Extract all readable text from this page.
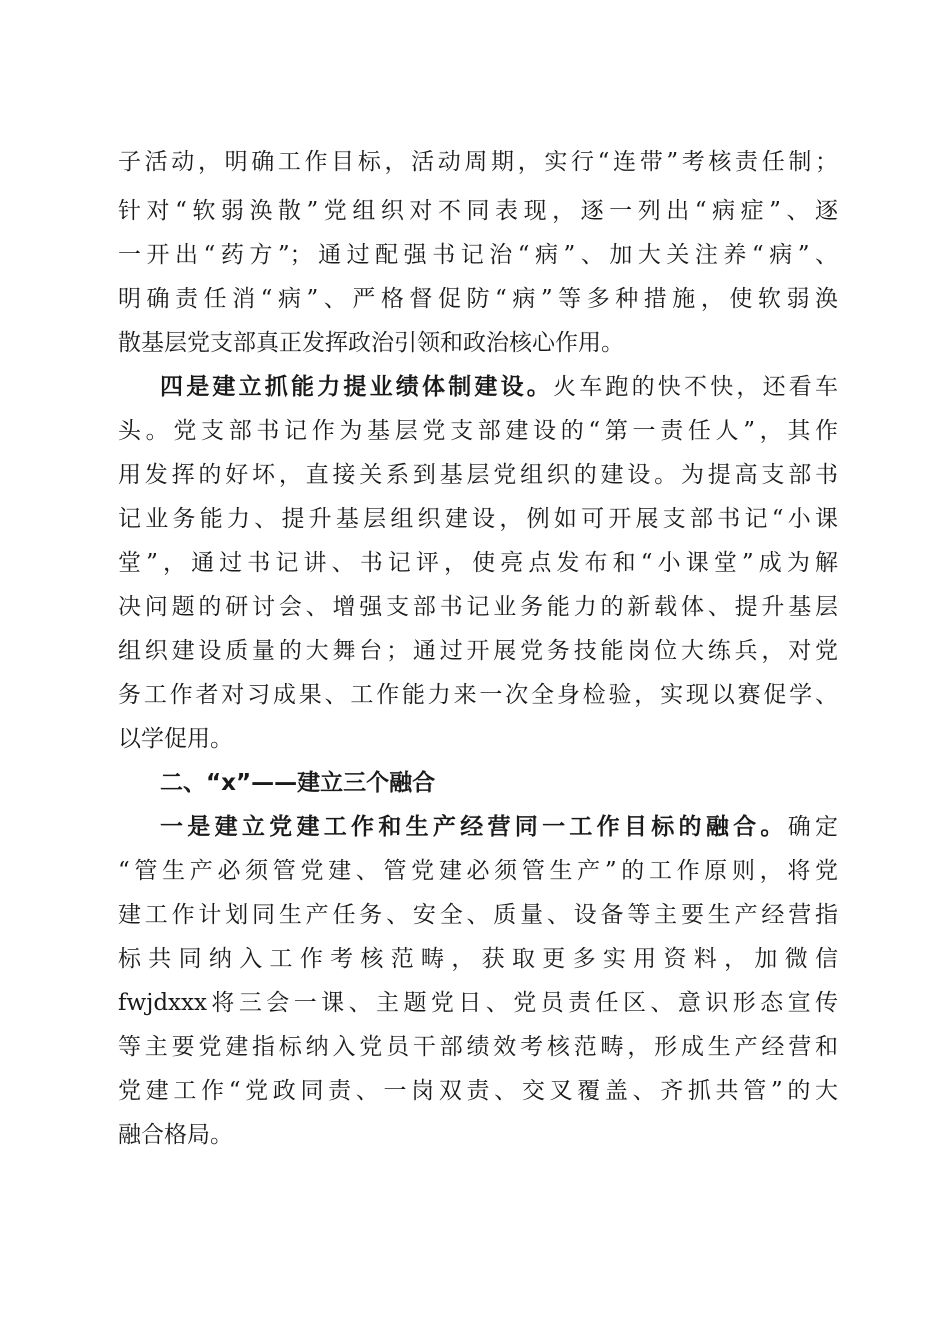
子活动，明确工作目标，活动周期，实行“连带”考核责任制；
针对“软弱涣散”党组织对不同表现，逐一列出“病症”、逐
一开出“药方”；通过配强书记治“病”、加大关注养“病”、
明确责任消“病”、严格督促防“病”等多种措施，使软弱涣
散基层党支部真正发挥政治引领和政治核心作用。
四是建立抓能力提业绩体制建设。火车跑的快不快，还看车
头。党支部书记作为基层党支部建设的“第一责任人”，其作
用发挥的好坏，直接关系到基层党组织的建设。为提高支部书
记业务能力、提升基层组织建设，例如可开展支部书记“小课
堂”，通过书记讲、书记评，使亮点发布和“小课堂”成为解
决问题的研讨会、增强支部书记业务能力的新载体、提升基层
组织建设质量的大舞台；通过开展党务技能岗位大练兵，对党
务工作者对习成果、工作能力来一次全身检验，实现以赛促学、
以学促用。
二、“x”——建立三个融合
一是建立党建工作和生产经营同一工作目标的融合。确定
“管生产必须管党建、管党建必须管生产”的工作原则，将党
建工作计划同生产任务、安全、质量、设备等主要生产经营指
标共同纳入工作考核范畴，获取更多实用资料，加微信
fwjdxxx将三会一课、主题党日、党员责任区、意识形态宣传
等主要党建指标纳入党员干部绩效考核范畴，形成生产经营和
党建工作“党政同责、一岗双责、交叉覆盖、齐抓共管”的大
融合格局。
